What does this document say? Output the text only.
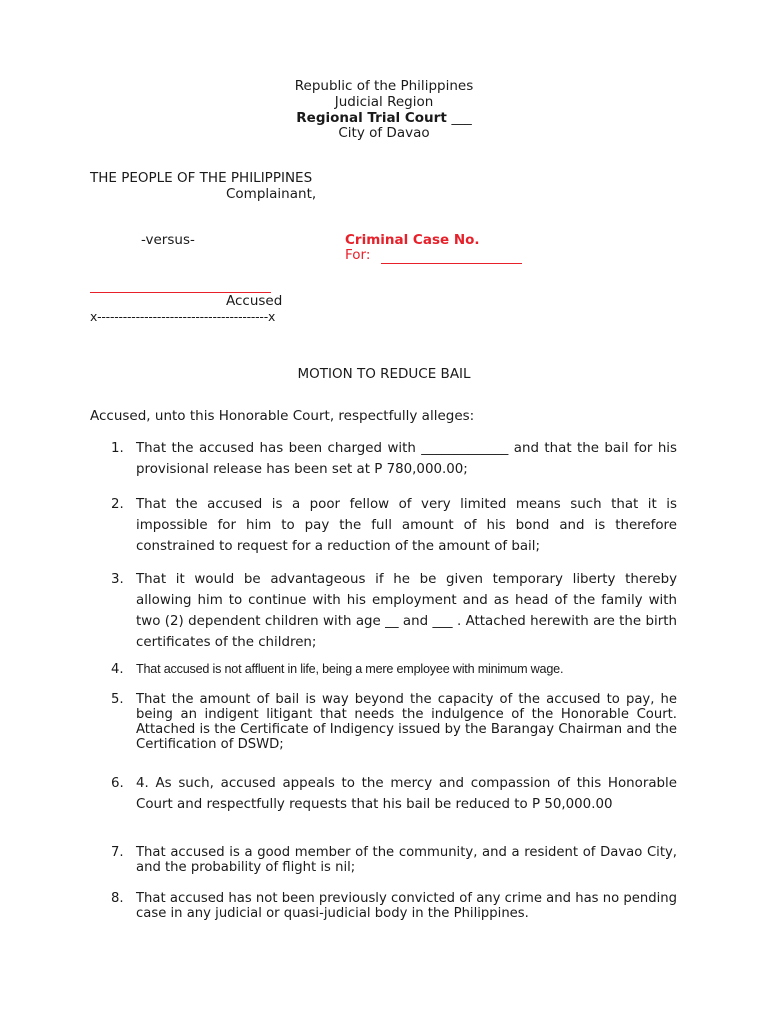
Republic of the Philippines
Judicial Region
Regional Trial Court ___
City of Davao
THE PEOPLE OF THE PHILIPPINES
Complainant,
-versus-	Criminal Case No.
For:
Accused
x----------------------------------------x
MOTION TO REDUCE BAIL
Accused, unto this Honorable Court, respectfully alleges:
1. That the accused has been charged with _____________ and that the bail for his provisional release has been set at P 780,000.00;
2. That the accused is a poor fellow of very limited means such that it is impossible for him to pay the full amount of his bond and is therefore constrained to request for a reduction of the amount of bail;
3. That it would be advantageous if he be given temporary liberty thereby allowing him to continue with his employment and as head of the family with two (2) dependent children with age __ and ___ . Attached herewith are the birth certificates of the children;
4. That accused is not affluent in life, being a mere employee with minimum wage.
5. That the amount of bail is way beyond the capacity of the accused to pay, he being an indigent litigant that needs the indulgence of the Honorable Court. Attached is the Certificate of Indigency issued by the Barangay Chairman and the Certification of DSWD;
6. 4. As such, accused appeals to the mercy and compassion of this Honorable Court and respectfully requests that his bail be reduced to P 50,000.00
7. That accused is a good member of the community, and a resident of Davao City, and the probability of flight is nil;
8. That accused has not been previously convicted of any crime and has no pending case in any judicial or quasi-judicial body in the Philippines.
